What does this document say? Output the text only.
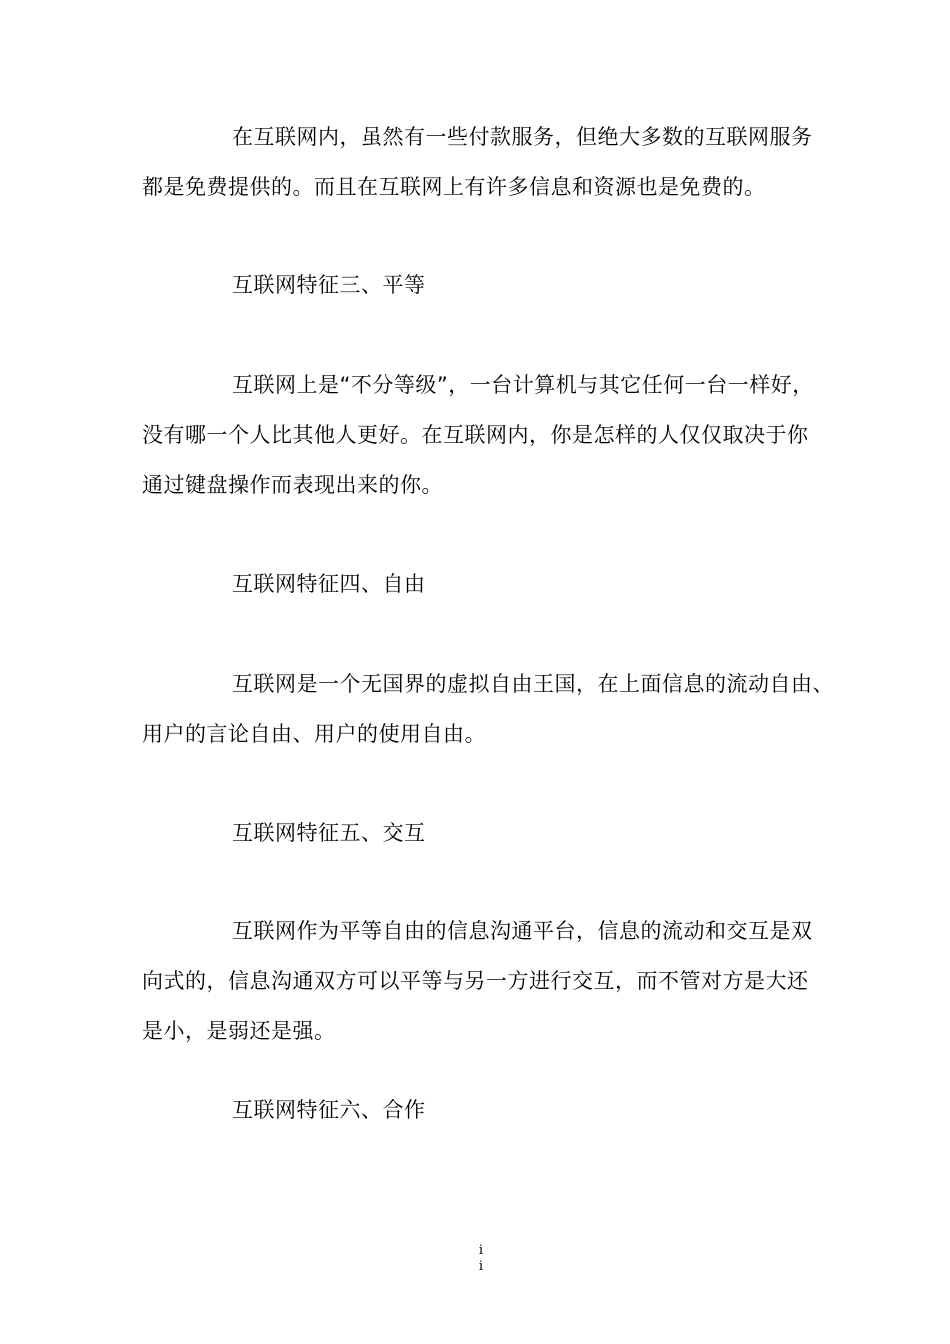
在互联网内，虽然有一些付款服务，但绝大多数的互联网服务
都是免费提供的。而且在互联网上有许多信息和资源也是免费的。
互联网特征三、平等
互联网上是“不分等级”，一台计算机与其它任何一台一样好，
没有哪一个人比其他人更好。在互联网内，你是怎样的人仅仅取决于你
通过键盘操作而表现出来的你。
互联网特征四、自由
互联网是一个无国界的虚拟自由王国，在上面信息的流动自由、
用户的言论自由、用户的使用自由。
互联网特征五、交互
互联网作为平等自由的信息沟通平台，信息的流动和交互是双
向式的，信息沟通双方可以平等与另一方进行交互，而不管对方是大还
是小，是弱还是强。
互联网特征六、合作
i
i
